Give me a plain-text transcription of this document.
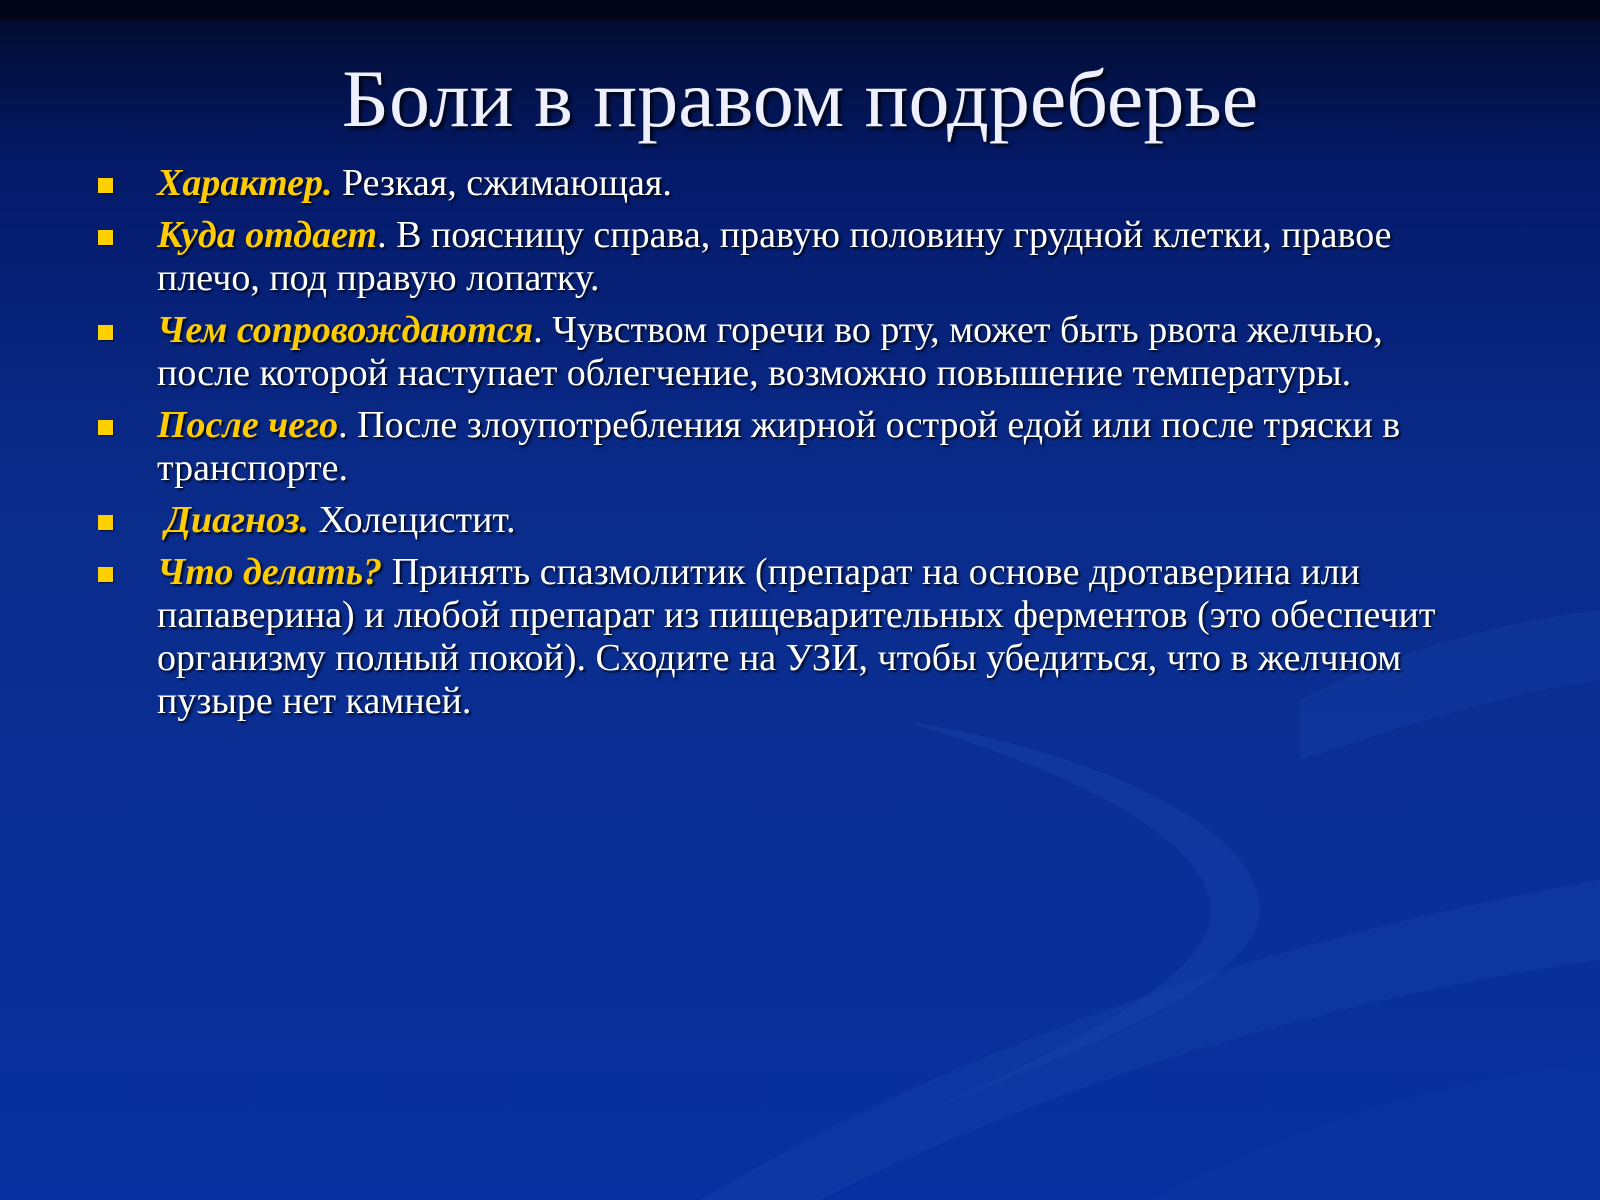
Боли в правом подреберье
Характер. Резкая, сжимающая.
Куда отдает. В поясницу справа, правую половину грудной клетки, правое плечо, под правую лопатку.
Чем сопровождаются. Чувством горечи во рту, может быть рвота желчью, после которой наступает облегчение, возможно повышение температуры.
После чего. После злоупотребления жирной острой едой или после тряски в транспорте.
Диагноз. Холецистит.
Что делать? Принять спазмолитик (препарат на основе дротаверина или папаверина) и любой препарат из пищеварительных ферментов (это обеспечит организму полный покой). Сходите на УЗИ, чтобы убедиться, что в желчном пузыре нет камней.
